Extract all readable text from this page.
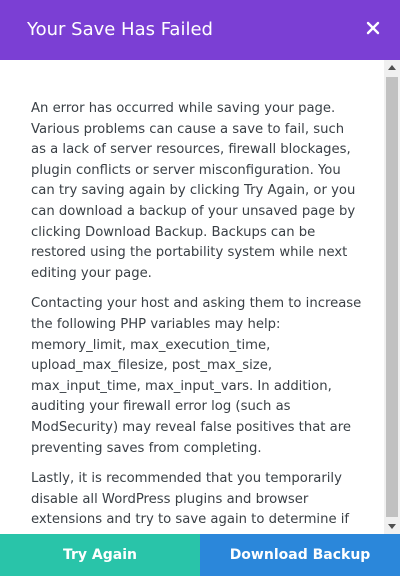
Your Save Has Failed

An error has occurred while saving your page. Various problems can cause a save to fail, such as a lack of server resources, firewall blockages, plugin conflicts or server misconfiguration. You can try saving again by clicking Try Again, or you can download a backup of your unsaved page by clicking Download Backup. Backups can be restored using the portability system while next editing your page.

Contacting your host and asking them to increase the following PHP variables may help: memory_limit, max_execution_time, upload_max_filesize, post_max_size, max_input_time, max_input_vars. In addition, auditing your firewall error log (such as ModSecurity) may reveal false positives that are preventing saves from completing.

Lastly, it is recommended that you temporarily disable all WordPress plugins and browser extensions and try to save again to determine if

Try Again	Download Backup
